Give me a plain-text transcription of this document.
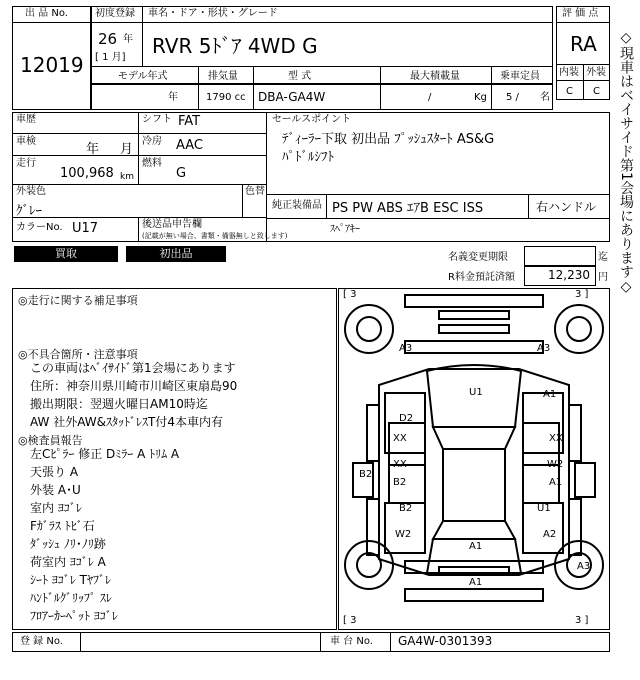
出 品 No.
12019
初度登録 車名・ドア・形状・グレード
26 年
[ 1 月] RVR 5ﾄﾞｱ 4WD G
モデル年式	排気量	型 式	最大積載量	乗車定員
年	1790 cc DBA-GA4W	/	Kg 5 / 名
評 価 点
RA
内装 外装
C C
車歴	シフト FAT
車検
年 月
冷房 AAC
走行
100,968 km
燃料
G
外装色
ｸﾞﾚｰ
色替
カラーNo. U17	後送品申告欄
(記載が無い場合、書類・備器無しと致します)
セールスポイント
ﾃﾞｨｰﾗｰ下取 初出品 ﾌﾟｯｼｭｽﾀｰﾄ AS&G
ﾊﾟﾄﾞﾙｼﾌﾄ
純正装備品 PS PW ABS ｴｱB ESC ISS	右ハンドル
ｽﾍﾟｱｷｰ
買取	初出品	名義変更期限	迄
R料金預託済額	12,230 円
◎走行に関する補足事項
◎不具合箇所・注意事項
この車両はﾍﾞｲｻｲﾄﾞ第1会場にあります
住所：神奈川県川崎市川崎区東扇島90
搬出期限：翌週火曜日AM10時迄
AW 社外AW&ｽﾀｯﾄﾞﾚｽT付4本車内有
◎検査員報告
左Cﾋﾟﾗｰ 修正 Dﾐﾗｰ A ﾄﾘﾑ A
天張り A
外装 A･U
室内 ﾖｺﾞﾚ
Fｶﾞﾗｽ ﾄﾋﾞ石
ﾀﾞｯｼｭ ﾉﾘ･ﾉﾘ跡
荷室内 ﾖｺﾞﾚ A
ｼｰﾄ ﾖｺﾞﾚ Tﾔﾌﾞﾚ
ﾊﾝﾄﾞﾙｸﾞﾘｯﾌﾟ ｽﾚ
ﾌﾛｱｰｶｰﾍﾟｯﾄ ﾖｺﾞﾚ
[ 3	3 ]
[ 3	3 ]
A3	A3
U1	A1
D2
XX	XX
XX	W2
B2
B2	A1
B2	U1
W2	A2
A1
A1
A3
登 録 No.	車 台 No. GA4W-0301393
◇現車はベイサイド第1会場にあります◇
